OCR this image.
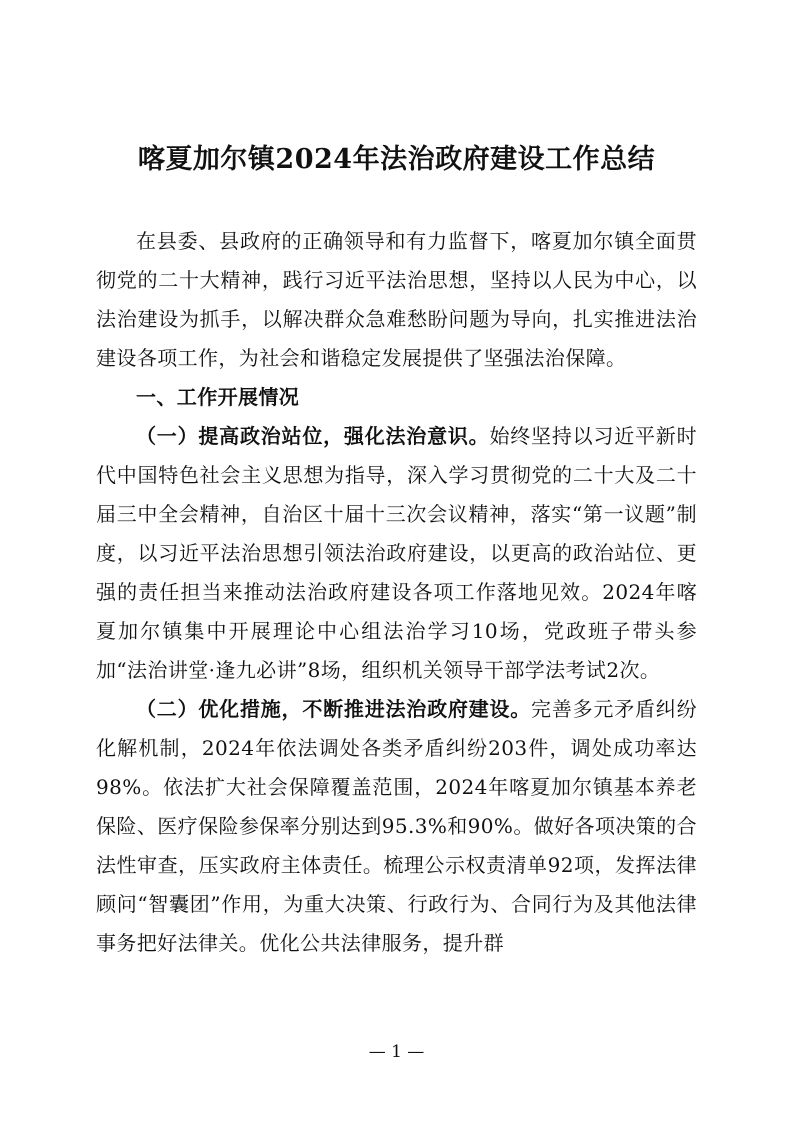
喀夏加尔镇2024年法治政府建设工作总结

在县委、县政府的正确领导和有力监督下，喀夏加尔镇全面贯彻党的二十大精神，践行习近平法治思想，坚持以人民为中心，以法治建设为抓手，以解决群众急难愁盼问题为导向，扎实推进法治建设各项工作，为社会和谐稳定发展提供了坚强法治保障。

一、工作开展情况

（一）提高政治站位，强化法治意识。始终坚持以习近平新时代中国特色社会主义思想为指导，深入学习贯彻党的二十大及二十届三中全会精神，自治区十届十三次会议精神，落实“第一议题”制度，以习近平法治思想引领法治政府建设，以更高的政治站位、更强的责任担当来推动法治政府建设各项工作落地见效。2024年喀夏加尔镇集中开展理论中心组法治学习10场，党政班子带头参加“法治讲堂·逢九必讲”8场，组织机关领导干部学法考试2次。

（二）优化措施，不断推进法治政府建设。完善多元矛盾纠纷化解机制，2024年依法调处各类矛盾纠纷203件，调处成功率达98%。依法扩大社会保障覆盖范围，2024年喀夏加尔镇基本养老保险、医疗保险参保率分别达到95.3%和90%。做好各项决策的合法性审查，压实政府主体责任。梳理公示权责清单92项，发挥法律顾问“智囊团”作用，为重大决策、行政行为、合同行为及其他法律事务把好法律关。优化公共法律服务，提升群

— 1 —
